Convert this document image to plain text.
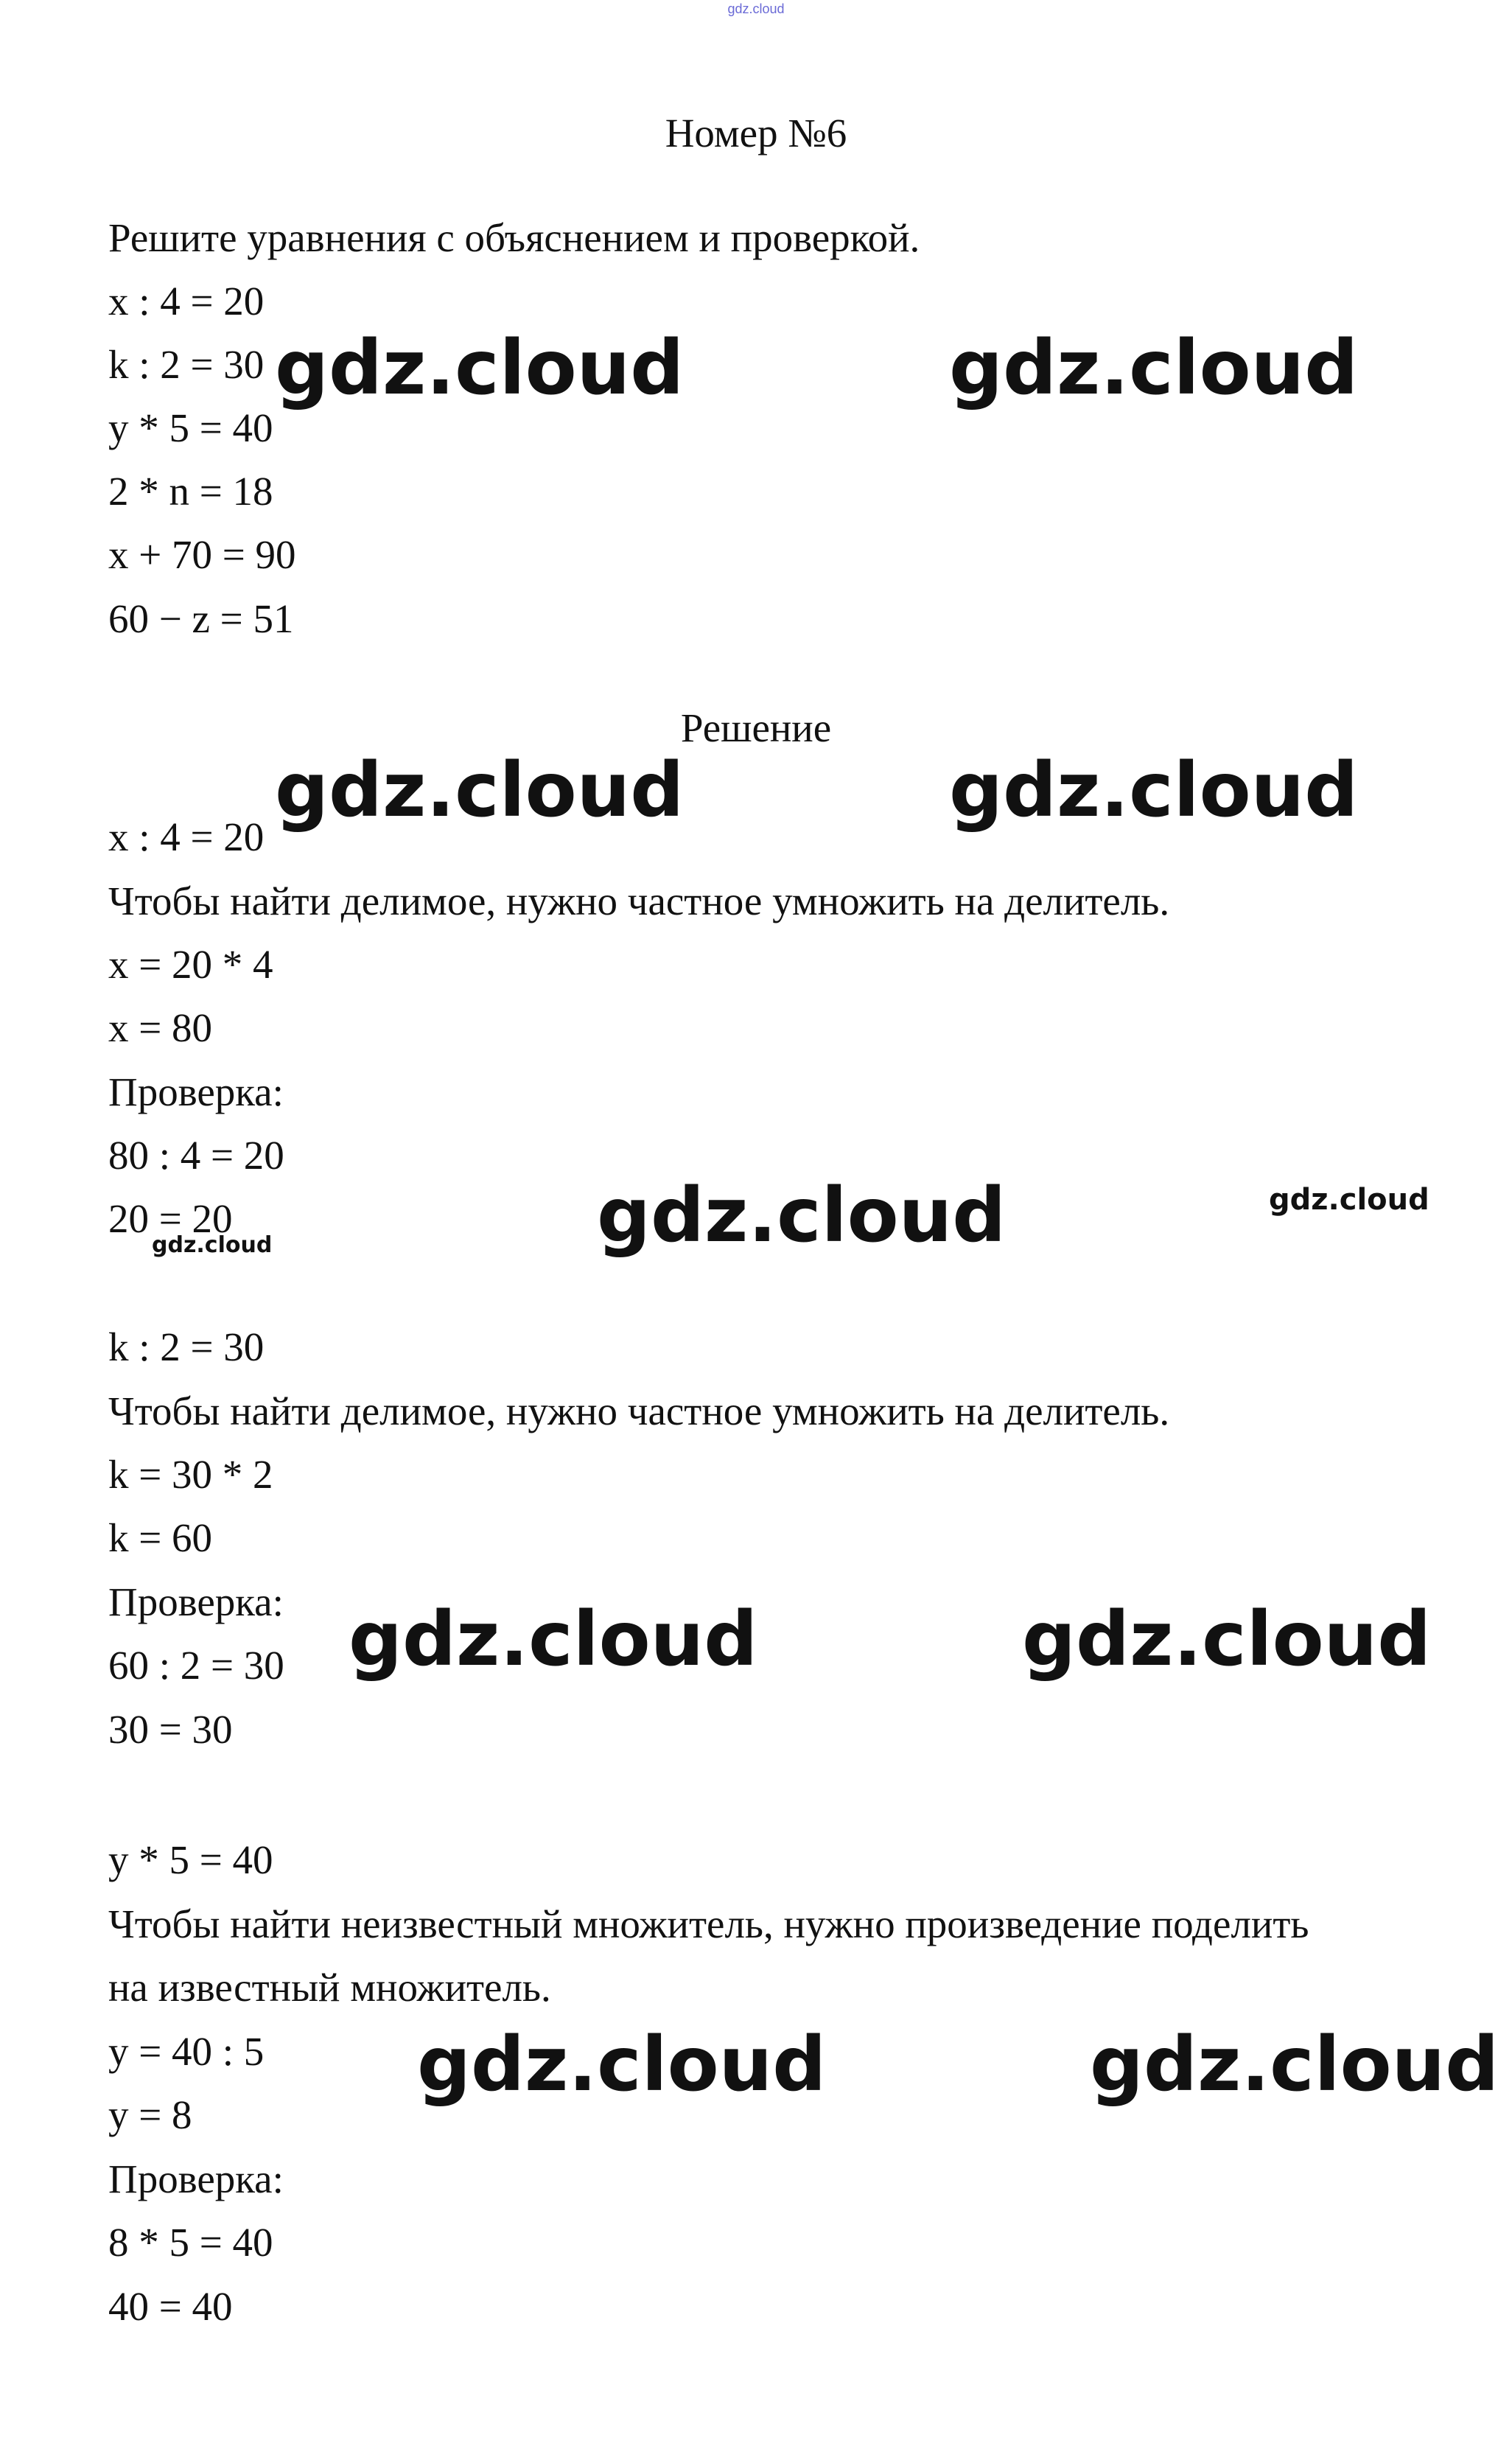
gdz.cloud
Номер №6
Решите уравнения с объяснением и проверкой.
x : 4 = 20
k : 2 = 30
y * 5 = 40
2 * n = 18
x + 70 = 90
60 − z = 51
Решение
x : 4 = 20
Чтобы найти делимое, нужно частное умножить на делитель.
x = 20 * 4
x = 80
Проверка:
80 : 4 = 20
20 = 20
k : 2 = 30
Чтобы найти делимое, нужно частное умножить на делитель.
k = 30 * 2
k = 60
Проверка:
60 : 2 = 30
30 = 30
y * 5 = 40
Чтобы найти неизвестный множитель, нужно произведение поделить
на известный множитель.
y = 40 : 5
y = 8
Проверка:
8 * 5 = 40
40 = 40
gdz.cloud	gdz.cloud
gdz.cloud	gdz.cloud
gdz.cloud	gdz.cloud
gdz.cloud
gdz.cloud	gdz.cloud
gdz.cloud	gdz.cloud
